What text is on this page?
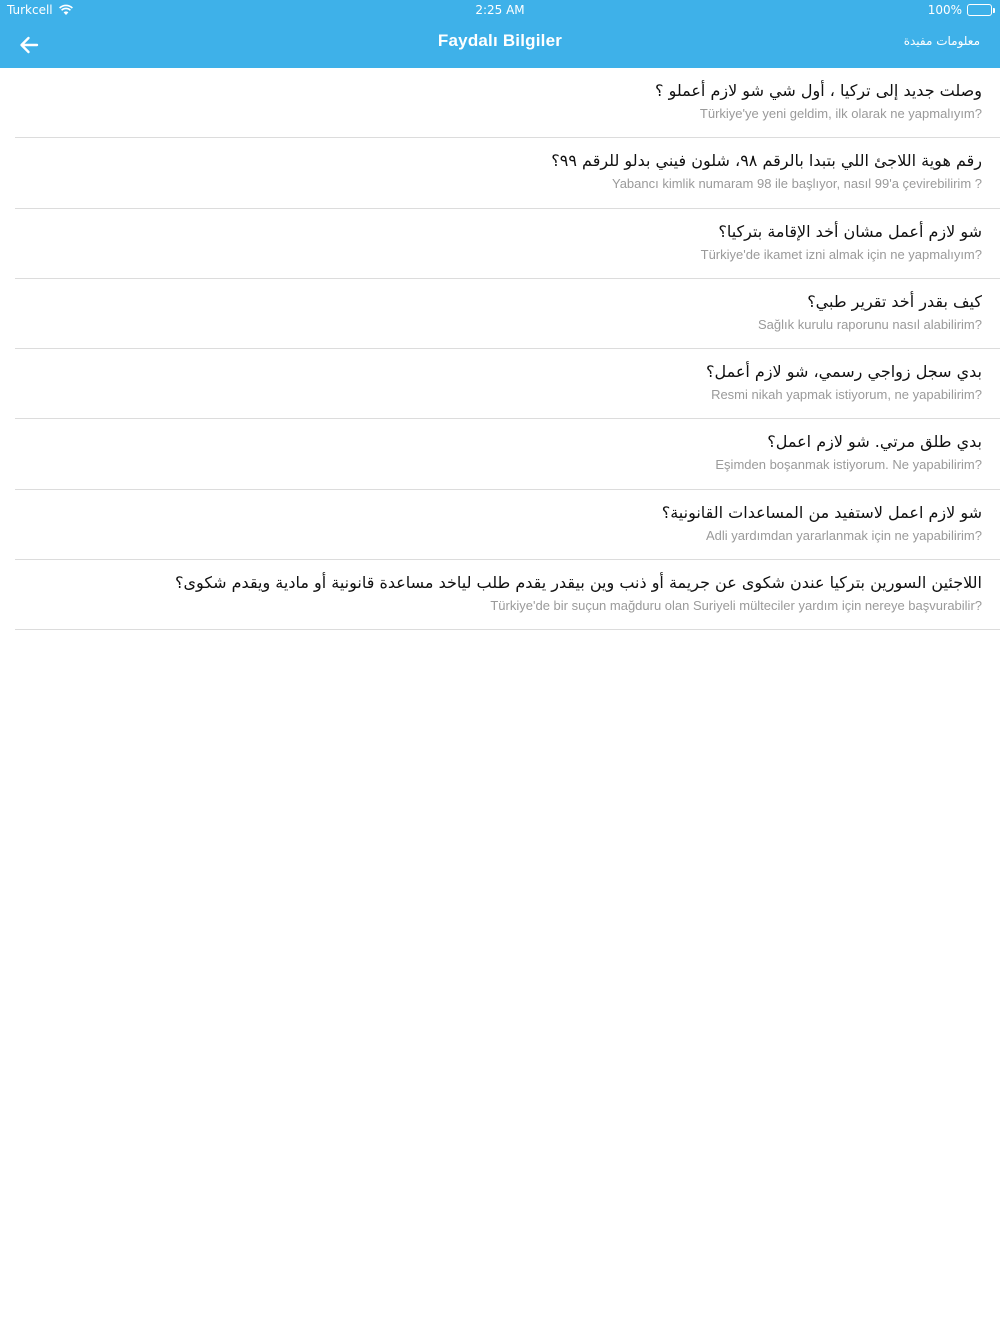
Turkcell	2:25 AM	100%
Faydalı Bilgiler	معلومات مفيدة
وصلت جديد إلى تركيا ، أول شي شو لازم أعملو ؟
Türkiye'ye yeni geldim, ilk olarak ne yapmalıyım?
رقم هوية اللاجئ اللي بتبدا بالرقم ٩٨، شلون فيني بدلو للرقم ٩٩؟
Yabancı kimlik numaram 98 ile başlıyor, nasıl 99'a çevirebilirim ?
شو لازم أعمل مشان أخد الإقامة بتركيا؟
Türkiye'de ikamet izni almak için ne yapmalıyım?
كيف بقدر أخد تقرير طبي؟
Sağlık kurulu raporunu nasıl alabilirim?
بدي سجل زواجي رسمي، شو لازم أعمل؟
Resmi nikah yapmak istiyorum, ne yapabilirim?
بدي طلق مرتي. شو لازم اعمل؟
Eşimden boşanmak istiyorum. Ne yapabilirim?
شو لازم اعمل لاستفيد من المساعدات القانونية؟
Adli yardımdan yararlanmak için ne yapabilirim?
اللاجئين السورين بتركيا عندن شكوى عن جريمة أو ذنب وين بيقدر يقدم طلب لياخد مساعدة قانونية أو مادية ويقدم شكوى؟
Türkiye'de bir suçun mağduru olan Suriyeli mülteciler yardım için nereye başvurabilir?
